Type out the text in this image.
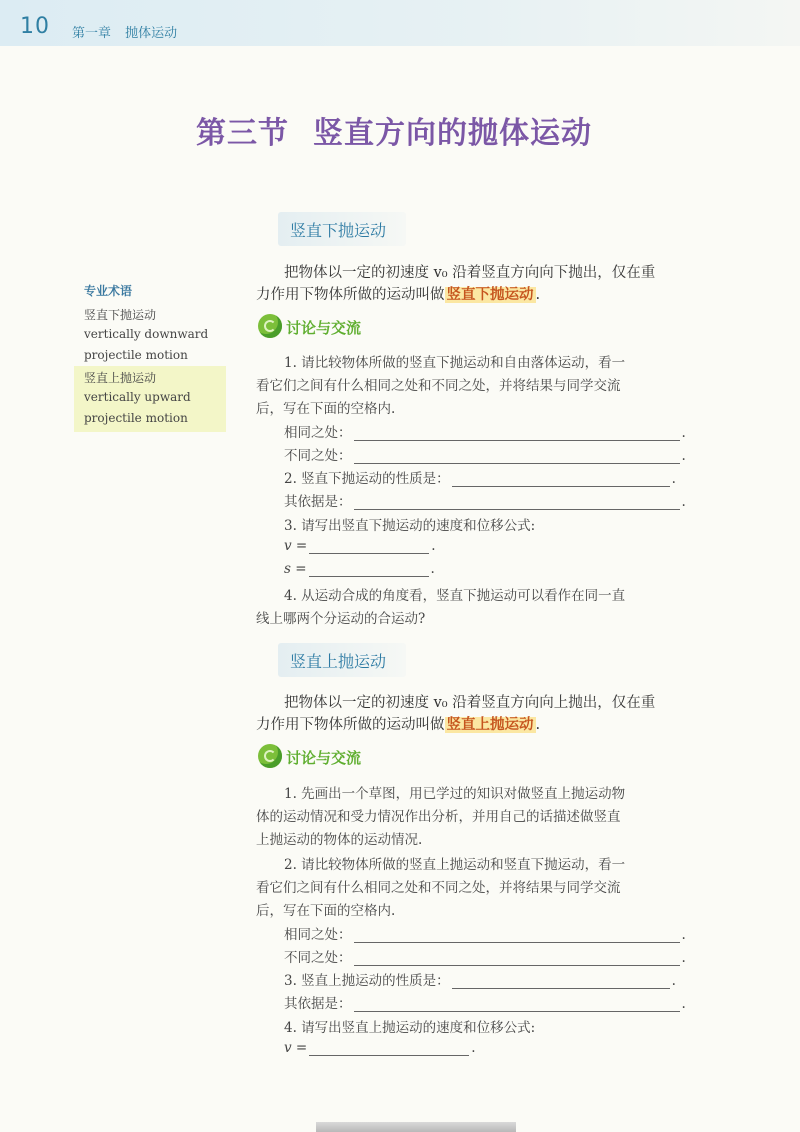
10 第一章 抛体运动
第三节 竖直方向的抛体运动
专业术语
竖直下抛运动
vertically downward
projectile motion
竖直上抛运动
vertically upward
projectile motion
竖直下抛运动
把物体以一定的初速度 v₀ 沿着竖直方向向下抛出，仅在重
力作用下物体所做的运动叫做 竖直下抛运动 .
讨论与交流
1. 请比较物体所做的竖直下抛运动和自由落体运动，看一
看它们之间有什么相同之处和不同之处，并将结果与同学交流
后，写在下面的空格内.
相同之处：	.
不同之处：	.
2. 竖直下抛运动的性质是：	.
其依据是：	.
3. 请写出竖直下抛运动的速度和位移公式:
v =	.
s =	.
4. 从运动合成的角度看，竖直下抛运动可以看作在同一直
线上哪两个分运动的合运动?
竖直上抛运动
把物体以一定的初速度 v₀ 沿着竖直方向向上抛出，仅在重
力作用下物体所做的运动叫做 竖直上抛运动 .
讨论与交流
1. 先画出一个草图，用已学过的知识对做竖直上抛运动物
体的运动情况和受力情况作出分析，并用自己的话描述做竖直
上抛运动的物体的运动情况.
2. 请比较物体所做的竖直上抛运动和竖直下抛运动，看一
看它们之间有什么相同之处和不同之处，并将结果与同学交流
后，写在下面的空格内.
相同之处：	.
不同之处：	.
3. 竖直上抛运动的性质是：	.
其依据是：	.
4. 请写出竖直上抛运动的速度和位移公式:
v =	.
